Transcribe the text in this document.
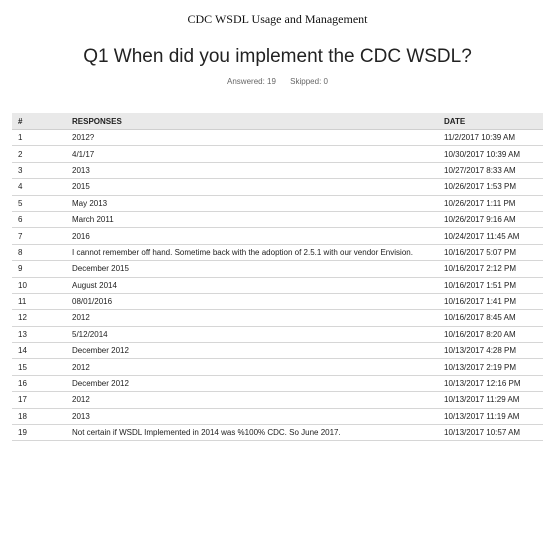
CDC WSDL Usage and Management
Q1 When did you implement the CDC WSDL?
Answered: 19 Skipped: 0
#	RESPONSES	DATE
1	2012?	11/2/2017 10:39 AM
2	4/1/17	10/30/2017 10:39 AM
3	2013	10/27/2017 8:33 AM
4	2015	10/26/2017 1:53 PM
5	May 2013	10/26/2017 1:11 PM
6	March 2011	10/26/2017 9:16 AM
7	2016	10/24/2017 11:45 AM
8	I cannot remember off hand. Sometime back with the adoption of 2.5.1 with our vendor Envision.	10/16/2017 5:07 PM
9	December 2015	10/16/2017 2:12 PM
10	August 2014	10/16/2017 1:51 PM
11	08/01/2016	10/16/2017 1:41 PM
12	2012	10/16/2017 8:45 AM
13	5/12/2014	10/16/2017 8:20 AM
14	December 2012	10/13/2017 4:28 PM
15	2012	10/13/2017 2:19 PM
16	December 2012	10/13/2017 12:16 PM
17	2012	10/13/2017 11:29 AM
18	2013	10/13/2017 11:19 AM
19	Not certain if WSDL Implemented in 2014 was %100% CDC. So June 2017.	10/13/2017 10:57 AM
